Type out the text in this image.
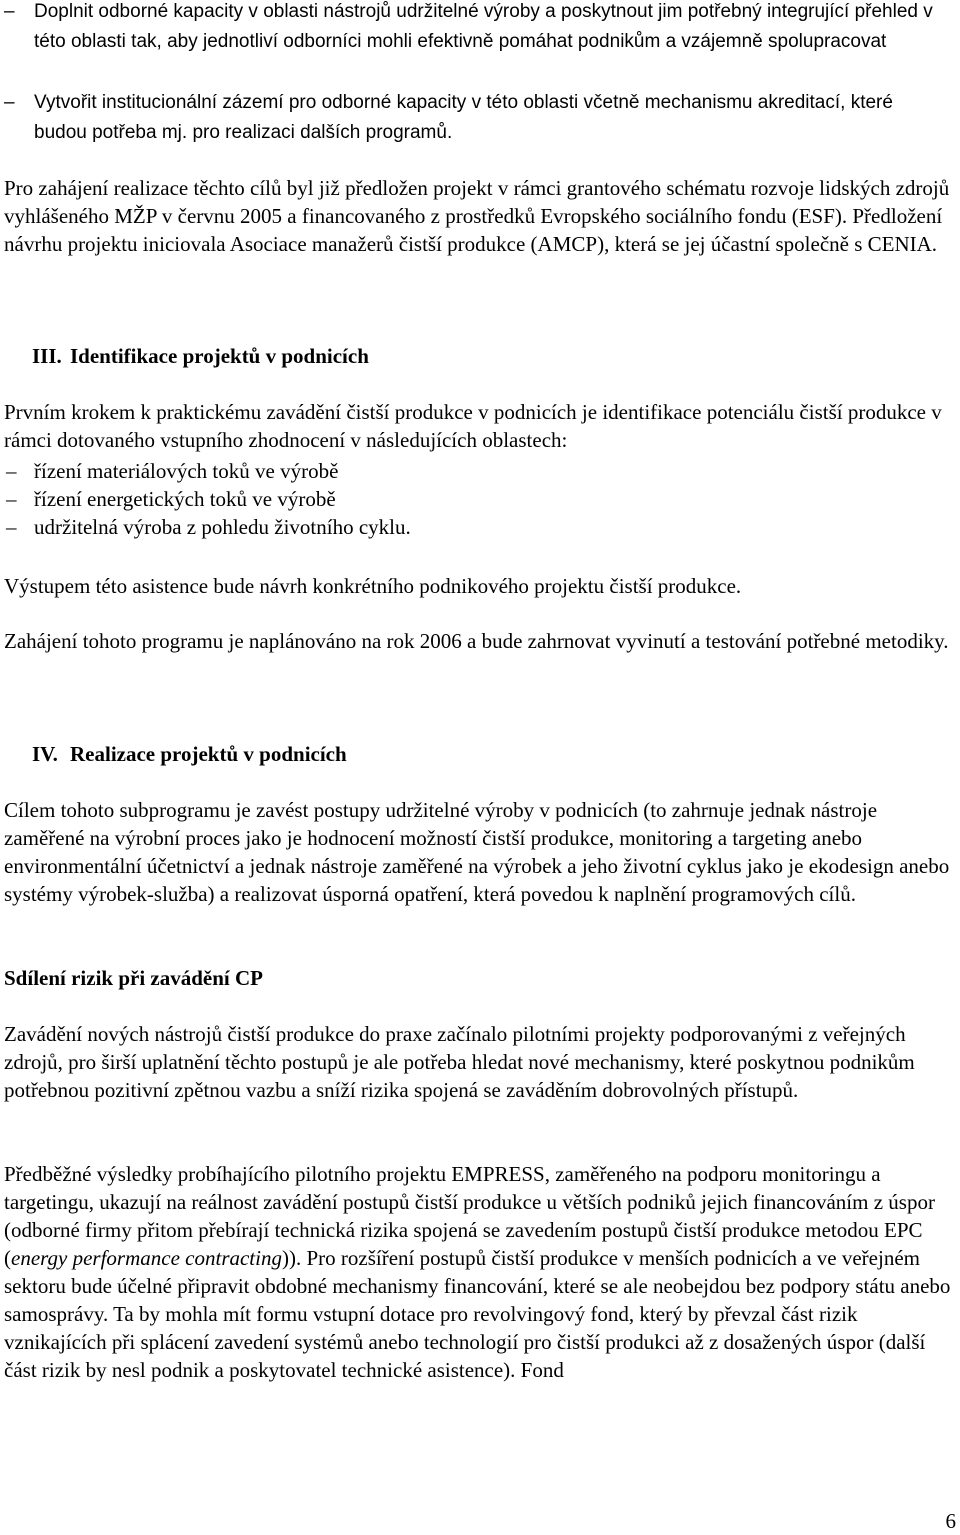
– Doplnit odborné kapacity v oblasti nástrojů udržitelné výroby a poskytnout jim potřebný integrující přehled v této oblasti tak, aby jednotliví odborníci mohli efektivně pomáhat podnikům a vzájemně spolupracovat
– Vytvořit institucionální zázemí pro odborné kapacity v této oblasti včetně mechanismu akreditací, které budou potřeba mj. pro realizaci dalších programů.

Pro zahájení realizace těchto cílů byl již předložen projekt v rámci grantového schématu rozvoje lidských zdrojů vyhlášeného MŽP v červnu 2005 a financovaného z prostředků Evropského sociálního fondu (ESF). Předložení návrhu projektu iniciovala Asociace manažerů čistší produkce (AMCP), která se jej účastní společně s CENIA.

III. Identifikace projektů v podnicích

Prvním krokem k praktickému zavádění čistší produkce v podnicích je identifikace potenciálu čistší produkce v rámci dotovaného vstupního zhodnocení v následujících oblastech:

– řízení materiálových toků ve výrobě
– řízení energetických toků ve výrobě
– udržitelná výroba z pohledu životního cyklu.

Výstupem této asistence bude návrh konkrétního podnikového projektu čistší produkce.

Zahájení tohoto programu je naplánováno na rok 2006 a bude zahrnovat vyvinutí a testování potřebné metodiky.

IV. Realizace projektů v podnicích

Cílem tohoto subprogramu je zavést postupy udržitelné výroby v podnicích (to zahrnuje jednak nástroje zaměřené na výrobní proces jako je hodnocení možností čistší produkce, monitoring a targeting anebo environmentální účetnictví a jednak nástroje zaměřené na výrobek a jeho životní cyklus jako je ekodesign anebo systémy výrobek-služba) a realizovat úsporná opatření, která povedou k naplnění programových cílů.

Sdílení rizik při zavádění CP

Zavádění nových nástrojů čistší produkce do praxe začínalo pilotními projekty podporovanými z veřejných zdrojů, pro širší uplatnění těchto postupů je ale potřeba hledat nové mechanismy, které poskytnou podnikům potřebnou pozitivní zpětnou vazbu a sníží rizika spojená se zaváděním dobrovolných přístupů.

Předběžné výsledky probíhajícího pilotního projektu EMPRESS, zaměřeného na podporu monitoringu a targetingu, ukazují na reálnost zavádění postupů čistší produkce u větších podniků jejich financováním z úspor (odborné firmy přitom přebírají technická rizika spojená se zavedením postupů čistší produkce metodou EPC (energy performance contracting)). Pro rozšíření postupů čistší produkce v menších podnicích a ve veřejném sektoru bude účelné připravit obdobné mechanismy financování, které se ale neobejdou bez podpory státu anebo samosprávy. Ta by mohla mít formu vstupní dotace pro revolvingový fond, který by převzal část rizik vznikajících při splácení zavedení systémů anebo technologií pro čistší produkci až z dosažených úspor (další část rizik by nesl podnik a poskytovatel technické asistence). Fond

6
